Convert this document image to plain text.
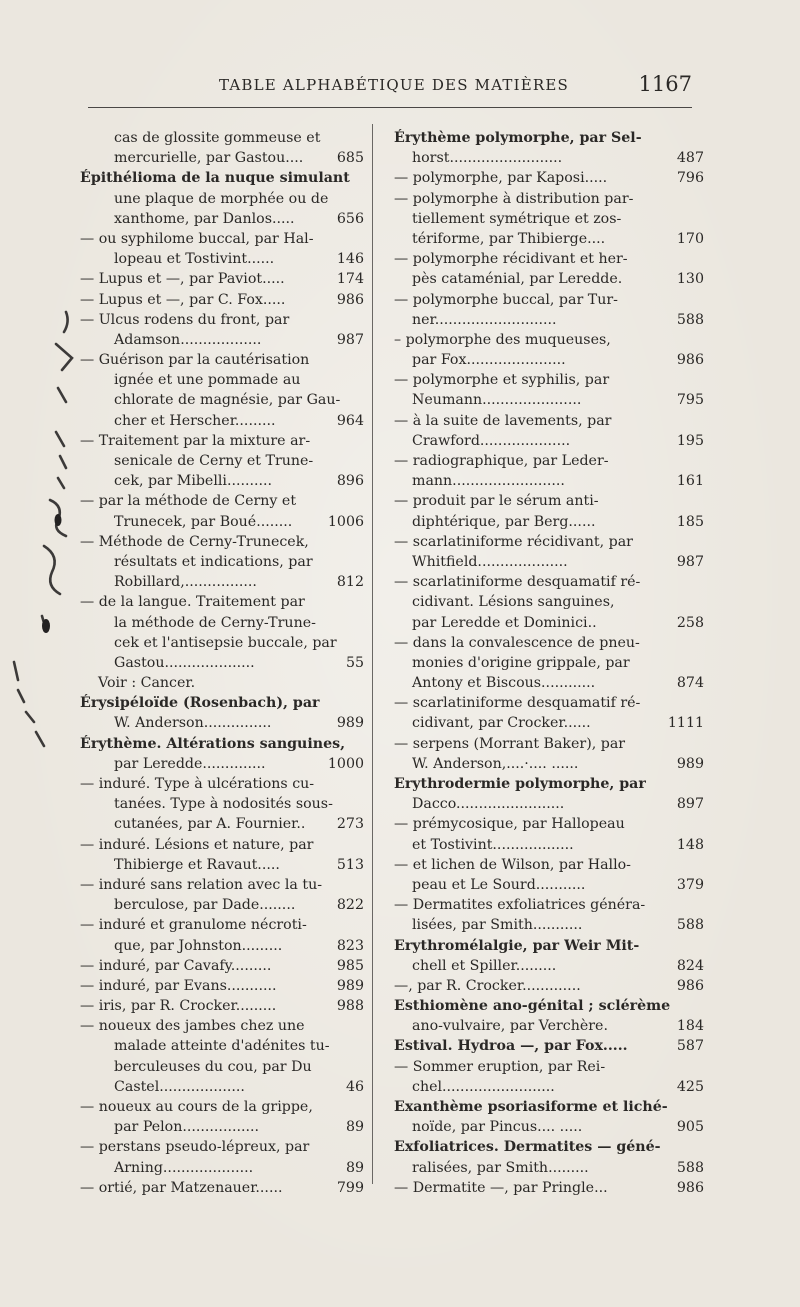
TABLE ALPHABÉTIQUE DES MATIÈRES	1167
cas de glossite gommeuse et
mercurielle, par Gastou.... 685
Épithélioma de la nuque simulant
une plaque de morphée ou de
xanthome, par Danlos.....	656
— ou syphilome buccal, par Hal-
lopeau et Tostivint......	146
— Lupus et —, par Paviot.....	174
— Lupus et —, par C. Fox.....	986
— Ulcus rodens du front, par
Adamson..................	987
— Guérison par la cautérisation
ignée et une pommade au
chlorate de magnésie, par Gau-
cher et Herscher.........	964
— Traitement par la mixture ar-
senicale de Cerny et Trune-
cek, par Mibelli..........	896
— par la méthode de Cerny et
Trunecek, par Boué........	1006
— Méthode de Cerny-Trunecek,
résultats et indications, par
Robillard,................	812
— de la langue. Traitement par
la méthode de Cerny-Trune-
cek et l'antisepsie buccale, par
Gastou....................	55
Voir : Cancer.
Érysipéloïde (Rosenbach), par
W. Anderson...............	989
Érythème. Altérations sanguines,
par Leredde..............	1000
— induré. Type à ulcérations cu-
tanées. Type à nodosités sous-
cutanées, par A. Fournier.. 273
— induré. Lésions et nature, par
Thibierge et Ravaut.....	513
— induré sans relation avec la tu-
berculose, par Dade........	822
— induré et granulome nécroti-
que, par Johnston.........	823
— induré, par Cavafy.........	985
— induré, par Evans...........	989
— iris, par R. Crocker.........	988
— noueux des jambes chez une
malade atteinte d'adénites tu-
berculeuses du cou, par Du
Castel...................	46
— noueux au cours de la grippe,
par Pelon.................	89
— perstans pseudo-lépreux, par
Arning....................	89
— ortié, par Matzenauer......	799
Érythème polymorphe, par Sel-
horst.........................	487
— polymorphe, par Kaposi.....	796
— polymorphe à distribution par-
tiellement symétrique et zos-
tériforme, par Thibierge....	170
— polymorphe récidivant et her-
pès cataménial, par Leredde.	130
— polymorphe buccal, par Tur-
ner...........................	588
– polymorphe des muqueuses,
par Fox......................	986
— polymorphe et syphilis, par
Neumann......................	795
— à la suite de lavements, par
Crawford....................	195
— radiographique, par Leder-
mann.........................	161
— produit par le sérum anti-
diphtérique, par Berg......	185
— scarlatiniforme récidivant, par
Whitfield....................	987
— scarlatiniforme desquamatif ré-
cidivant. Lésions sanguines,
par Leredde et Dominici..	258
— dans la convalescence de pneu-
monies d'origine grippale, par
Antony et Biscous............	874
— scarlatiniforme desquamatif ré-
cidivant, par Crocker......	1111
— serpens (Morrant Baker), par
W. Anderson,....·.... ......	989
Erythrodermie polymorphe, par
Dacco........................	897
— prémycosique, par Hallopeau
et Tostivint..................	148
— et lichen de Wilson, par Hallo-
peau et Le Sourd...........	379
— Dermatites exfoliatrices généra-
lisées, par Smith...........	588
Erythromélalgie, par Weir Mit-
chell et Spiller.........	824
—, par R. Crocker.............	986
Esthiomène ano-génital ; sclérème
ano-vulvaire, par Verchère.	184
Estival. Hydroa —, par Fox.....	587
— Sommer eruption, par Rei-
chel.........................	425
Exanthème psoriasiforme et liché-
noïde, par Pincus.... .....	905
Exfoliatrices. Dermatites — géné-
ralisées, par Smith.........	588
— Dermatite —, par Pringle...	986
